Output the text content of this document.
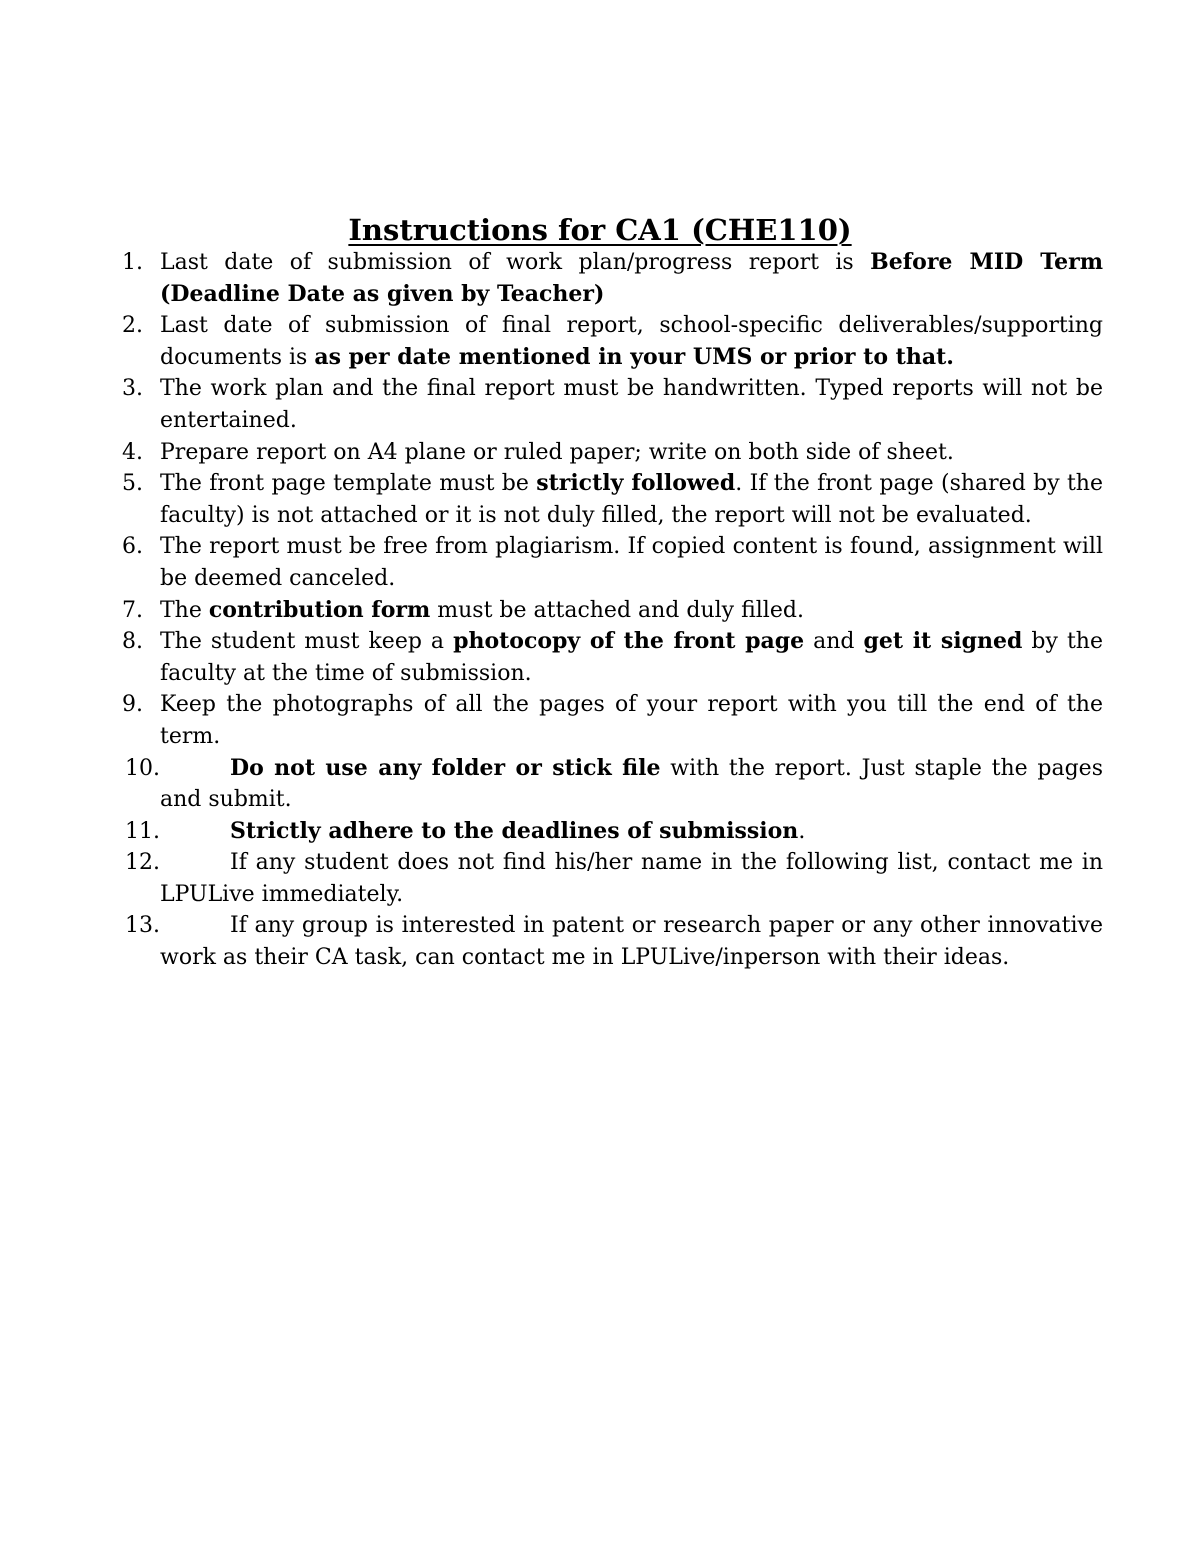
Instructions for CA1 (CHE110)
1. Last date of submission of work plan/progress report is Before MID Term (Deadline Date as given by Teacher)
2. Last date of submission of final report, school-specific deliverables/supporting documents is as per date mentioned in your UMS or prior to that.
3. The work plan and the final report must be handwritten. Typed reports will not be entertained.
4. Prepare report on A4 plane or ruled paper; write on both side of sheet.
5. The front page template must be strictly followed. If the front page (shared by the faculty) is not attached or it is not duly filled, the report will not be evaluated.
6. The report must be free from plagiarism. If copied content is found, assignment will be deemed canceled.
7. The contribution form must be attached and duly filled.
8. The student must keep a photocopy of the front page and get it signed by the faculty at the time of submission.
9. Keep the photographs of all the pages of your report with you till the end of the term.
10.	Do not use any folder or stick file with the report. Just staple the pages and submit.
11.	Strictly adhere to the deadlines of submission.
12.	If any student does not find his/her name in the following list, contact me in LPULive immediately.
13.	If any group is interested in patent or research paper or any other innovative work as their CA task, can contact me in LPULive/inperson with their ideas.
